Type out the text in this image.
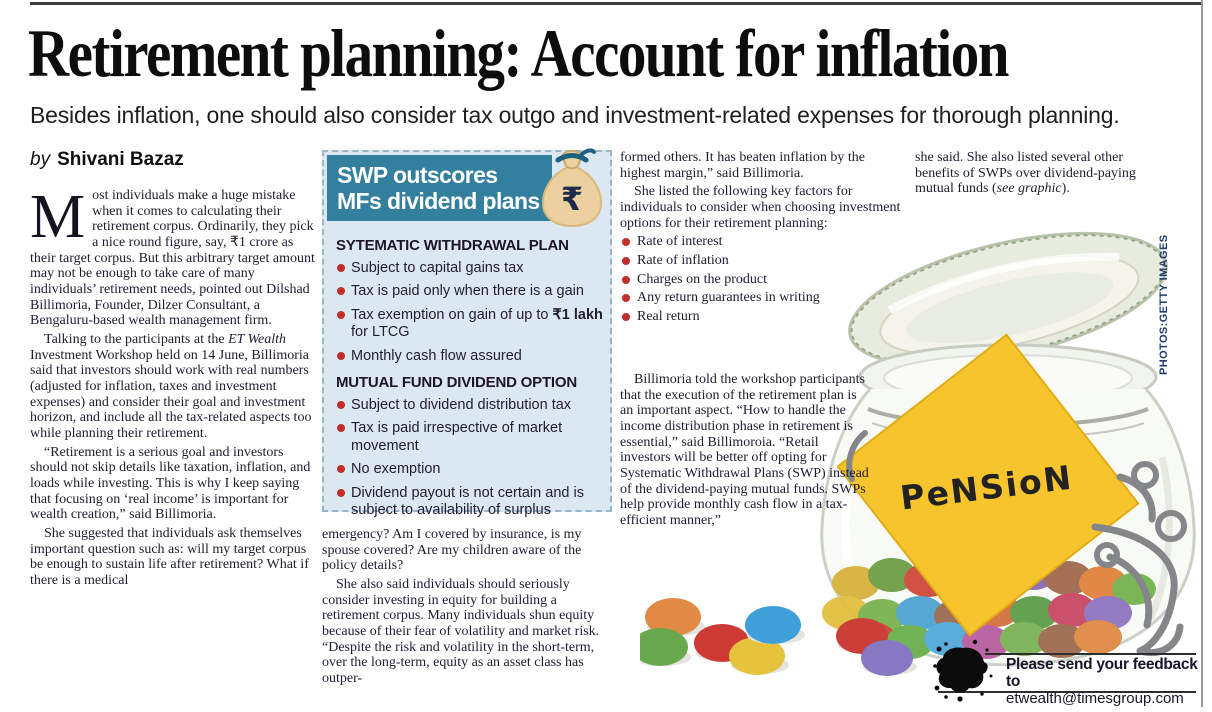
Retirement planning: Account for inflation

Besides inflation, one should also consider tax outgo and investment-related expenses for thorough planning.

by Shivani Bazaz
PeNSioN
PHOTOS:GETTY IMAGES

Most individuals make a huge mistake when it comes to calculating their retirement corpus. Ordinarily, they pick a nice round figure, say, ₹1 crore as their target corpus. But this arbitrary target amount may not be enough to take care of many individuals’ retirement needs, pointed out Dilshad Billimoria, Founder, Dilzer Consultant, a Bengaluru-based wealth management firm.

Talking to the participants at the ET Wealth Investment Workshop held on 14 June, Billimoria said that investors should work with real numbers (adjusted for inflation, taxes and investment expenses) and consider their goal and investment horizon, and include all the tax-related aspects too while planning their retirement.

“Retirement is a serious goal and investors should not skip details like taxation, inflation, and loads while investing. This is why I keep saying that focusing on ‘real income’ is important for wealth creation,” said Billimoria.

She suggested that individuals ask themselves important question such as: will my target corpus be enough to sustain life after retirement? What if there is a medical

SWP outscores
MFs dividend plans ₹
SYTEMATIC WITHDRAWAL PLAN
Subject to capital gains tax
Tax is paid only when there is a gain
Tax exemption on gain of up to ₹1 lakh for LTCG
Monthly cash flow assured
MUTUAL FUND DIVIDEND OPTION
Subject to dividend distribution tax
Tax is paid irrespective of market movement
No exemption
Dividend payout is not certain and is subject to availability of surplus

emergency? Am I covered by insurance, is my spouse covered? Are my children aware of the policy details?

She also said individuals should seriously consider investing in equity for building a retirement corpus. Many individuals shun equity because of their fear of volatility and market risk. “Despite the risk and volatility in the short-term, over the long-term, equity as an asset class has outper-

formed others. It has beaten inflation by the highest margin,” said Billimoria.

She listed the following key factors for individuals to consider when choosing investment options for their retirement planning:

Rate of interest
Rate of inflation
Charges on the product
Any return guarantees in writing
Real return

Billimoria told the workshop participants that the execution of the retirement plan is an important aspect. “How to handle the income distribution phase in retirement is essential,” said Billimoroia. “Retail investors will be better off opting for Systematic Withdrawal Plans (SWP) instead of the dividend-paying mutual funds. SWPs help provide monthly cash flow in a tax-efficient manner,”

she said. She also listed several other benefits of SWPs over dividend-paying mutual funds (see graphic).

Please send your feedback to
etwealth@timesgroup.com
